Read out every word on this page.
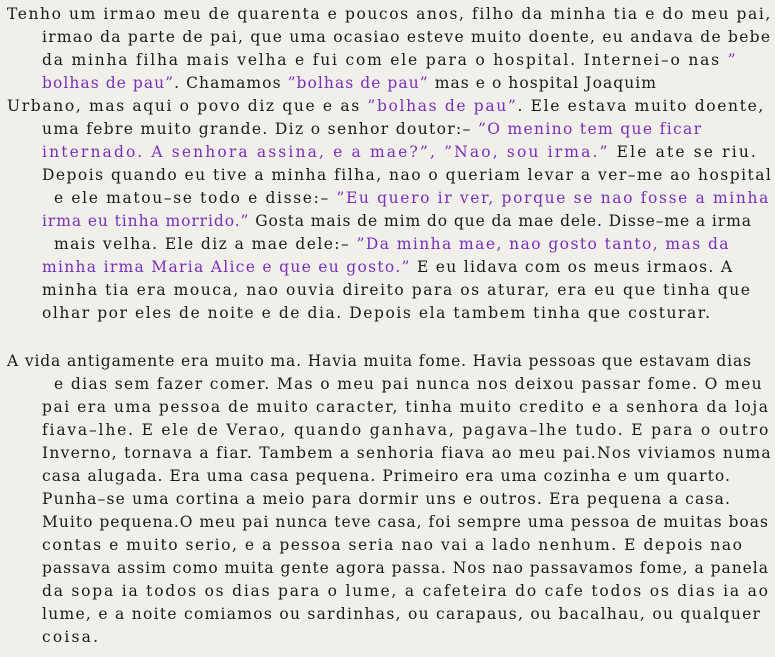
Tenho um irmao meu de quarenta e poucos anos, filho da minha tia e do meu pai,
irmao da parte de pai, que uma ocasiao esteve muito doente, eu andava de bebe
da minha filha mais velha e fui com ele para o hospital. Internei–o nas ”
bolhas de pau”. Chamamos ”bolhas de pau” mas e o hospital Joaquim
Urbano, mas aqui o povo diz que e as ”bolhas de pau”. Ele estava muito doente,
uma febre muito grande. Diz o senhor doutor:– ”O menino tem que ficar
internado. A senhora assina, e a mae?”, ”Nao, sou irma.” Ele ate se riu.
Depois quando eu tive a minha filha, nao o queriam levar a ver–me ao hospital
e ele matou–se todo e disse:– ”Eu quero ir ver, porque se nao fosse a minha
irma eu tinha morrido.” Gosta mais de mim do que da mae dele. Disse–me a irma
mais velha. Ele diz a mae dele:– ”Da minha mae, nao gosto tanto, mas da
minha irma Maria Alice e que eu gosto.” E eu lidava com os meus irmaos. A
minha tia era mouca, nao ouvia direito para os aturar, era eu que tinha que
olhar por eles de noite e de dia. Depois ela tambem tinha que costurar.
A vida antigamente era muito ma. Havia muita fome. Havia pessoas que estavam dias
e dias sem fazer comer. Mas o meu pai nunca nos deixou passar fome. O meu
pai era uma pessoa de muito caracter, tinha muito credito e a senhora da loja
fiava–lhe. E ele de Verao, quando ganhava, pagava–lhe tudo. E para o outro
Inverno, tornava a fiar. Tambem a senhoria fiava ao meu pai.Nos viviamos numa
casa alugada. Era uma casa pequena. Primeiro era uma cozinha e um quarto.
Punha–se uma cortina a meio para dormir uns e outros. Era pequena a casa.
Muito pequena.O meu pai nunca teve casa, foi sempre uma pessoa de muitas boas
contas e muito serio, e a pessoa seria nao vai a lado nenhum. E depois nao
passava assim como muita gente agora passa. Nos nao passavamos fome, a panela
da sopa ia todos os dias para o lume, a cafeteira do cafe todos os dias ia ao
lume, e a noite comiamos ou sardinhas, ou carapaus, ou bacalhau, ou qualquer
coisa.
